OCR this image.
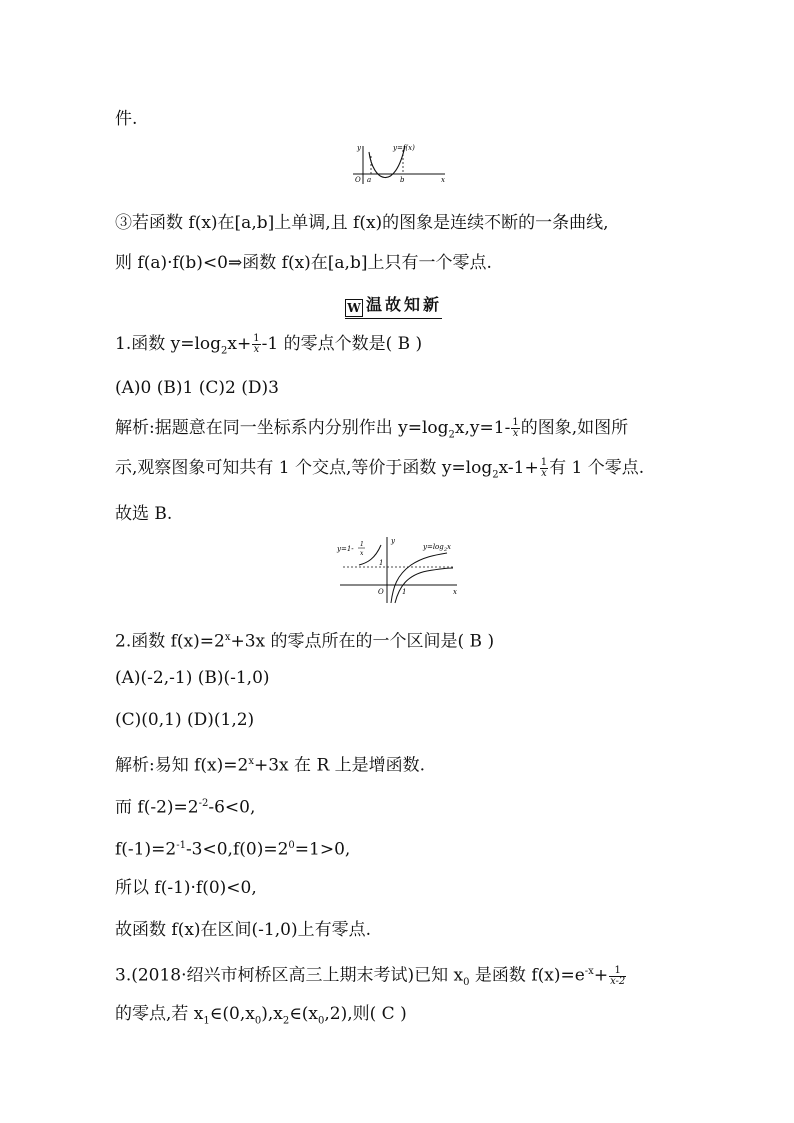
件.
y	y=f(x)
O a	b	x
③若函数 f(x)在[a,b]上单调,且 f(x)的图象是连续不断的一条曲线,
则 f(a)·f(b)<0⇒函数 f(x)在[a,b]上只有一个零点.
W 温故知新
1.函数 $y=\log_2x+ \frac{1}{x} -1$ 的零点个数是( B )
(A)0 (B)1 (C)2 (D)3
解析:据题意在同一坐标系内分别作出 $y=\log_2x,y=1- \frac{1}{x}$ 的图象,如图所
示,观察图象可知共有 1 个交点,等价于函数 $y=\log_2x-1+ \frac{1}{x}$ 有 1 个零点.
故选 B.
y=1-
1
x
y=log 2 x
y
1
O	1	x
2.函数 $f(x)=2^x+3x$ 的零点所在的一个区间是( B )
(A)(-2,-1) (B)(-1,0)
(C)(0,1) (D)(1,2)
解析:易知 $f(x)=2^x+3x$ 在 R 上是增函数.
而 $f(-2)=2^{-2}-6<0$,
$f(-1)=2^{-1}-3<0,f(0)=2^0=1>0$,
所以 f(-1)·f(0)<0,
故函数 f(x)在区间(-1,0)上有零点.
3.(2018·绍兴市柯桥区高三上期末考试)已知 $x_0$ 是函数 $f(x)=e^{-x}+ \frac{1}{x-2}$
的零点,若 $x_1\in(0,x_0),x_2\in(x_0,2)$,则( C )
